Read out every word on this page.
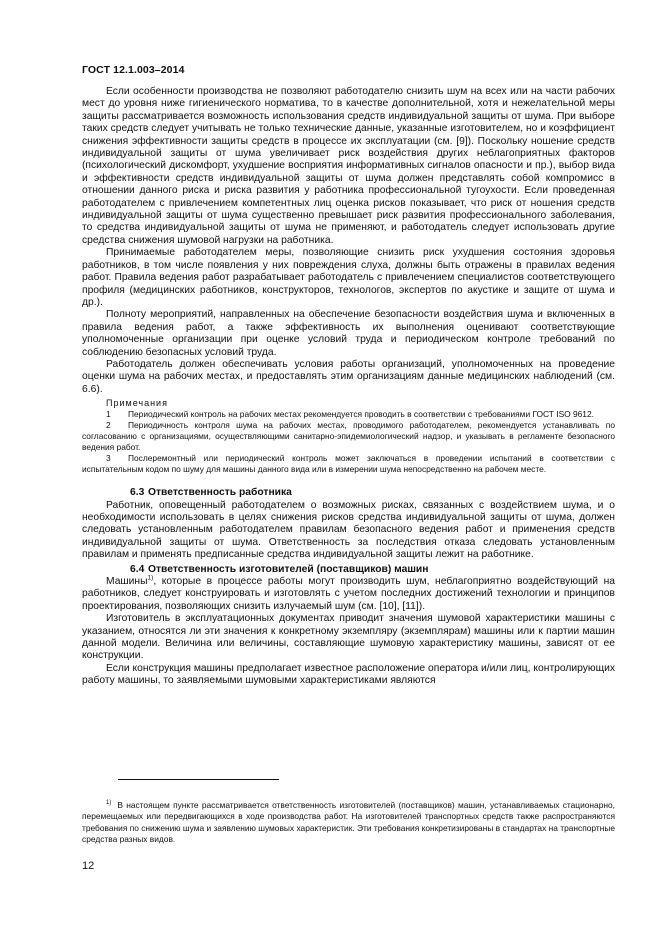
ГОСТ 12.1.003–2014

Если особенности производства не позволяют работодателю снизить шум на всех или на части рабочих мест до уровня ниже гигиенического норматива, то в качестве дополнительной, хотя и нежелательной меры защиты рассматривается возможность использования средств индивидуальной защиты от шума. При выборе таких средств следует учитывать не только технические данные, указанные изготовителем, но и коэффициент снижения эффективности защиты средств в процессе их эксплуатации (см. [9]). Поскольку ношение средств индивидуальной защиты от шума увеличивает риск воздействия других неблагоприятных факторов (психологический дискомфорт, ухудшение восприятия информативных сигналов опасности и пр.), выбор вида и эффективности средств индивидуальной защиты от шума должен представлять собой компромисс в отношении данного риска и риска развития у работника профессиональной тугоухости. Если проведенная работодателем с привлечением компетентных лиц оценка рисков показывает, что риск от ношения средств индивидуальной защиты от шума существенно превышает риск развития профессионального заболевания, то средства индивидуальной защиты от шума не применяют, и работодатель следует использовать другие средства снижения шумовой нагрузки на работника.

Принимаемые работодателем меры, позволяющие снизить риск ухудшения состояния здоровья работников, в том числе появления у них повреждения слуха, должны быть отражены в правилах ведения работ. Правила ведения работ разрабатывает работодатель с привлечением специалистов соответствующего профиля (медицинских работников, конструкторов, технологов, экспертов по акустике и защите от шума и др.).

Полноту мероприятий, направленных на обеспечение безопасности воздействия шума и включенных в правила ведения работ, а также эффективность их выполнения оценивают соответствующие уполномоченные организации при оценке условий труда и периодическом контроле требований по соблюдению безопасных условий труда.

Работодатель должен обеспечивать условия работы организаций, уполномоченных на проведение оценки шума на рабочих местах, и предоставлять этим организациям данные медицинских наблюдений (см. 6.6).

Примечания

1 Периодический контроль на рабочих местах рекомендуется проводить в соответствии с требованиями ГОСТ ISO 9612.

2 Периодичность контроля шума на рабочих местах, проводимого работодателем, рекомендуется устанавливать по согласованию с организациями, осуществляющими санитарно-эпидемиологический надзор, и указывать в регламенте безопасного ведения работ.

3 Послеремонтный или периодический контроль может заключаться в проведении испытаний в соответствии с испытательным кодом по шуму для машины данного вида или в измерении шума непосредственно на рабочем месте.

6.3 Ответственность работника

Работник, оповещенный работодателем о возможных рисках, связанных с воздействием шума, и о необходимости использовать в целях снижения рисков средства индивидуальной защиты от шума, должен следовать установленным работодателем правилам безопасного ведения работ и применения средств индивидуальной защиты от шума. Ответственность за последствия отказа следовать установленным правилам и применять предписанные средства индивидуальной защиты лежит на работнике.

6.4 Ответственность изготовителей (поставщиков) машин

Машины$^{1)}$, которые в процессе работы могут производить шум, неблагоприятно воздействующий на работников, следует конструировать и изготовлять с учетом последних достижений технологии и принципов проектирования, позволяющих снизить излучаемый шум (см. [10], [11]).

Изготовитель в эксплуатационных документах приводит значения шумовой характеристики машины с указанием, относятся ли эти значения к конкретному экземпляру (экземплярам) машины или к партии машин данной модели. Величина или величины, составляющие шумовую характеристику машины, зависят от ее конструкции.

Если конструкция машины предполагает известное расположение оператора и/или лиц, контролирующих работу машины, то заявляемыми шумовыми характеристиками являются

$^{1)}$ В настоящем пункте рассматривается ответственность изготовителей (поставщиков) машин, устанавливаемых стационарно, перемещаемых или передвигающихся в ходе производства работ. На изготовителей транспортных средств также распространяются требования по снижению шума и заявлению шумовых характеристик. Эти требования конкретизированы в стандартах на транспортные средства разных видов.
12
